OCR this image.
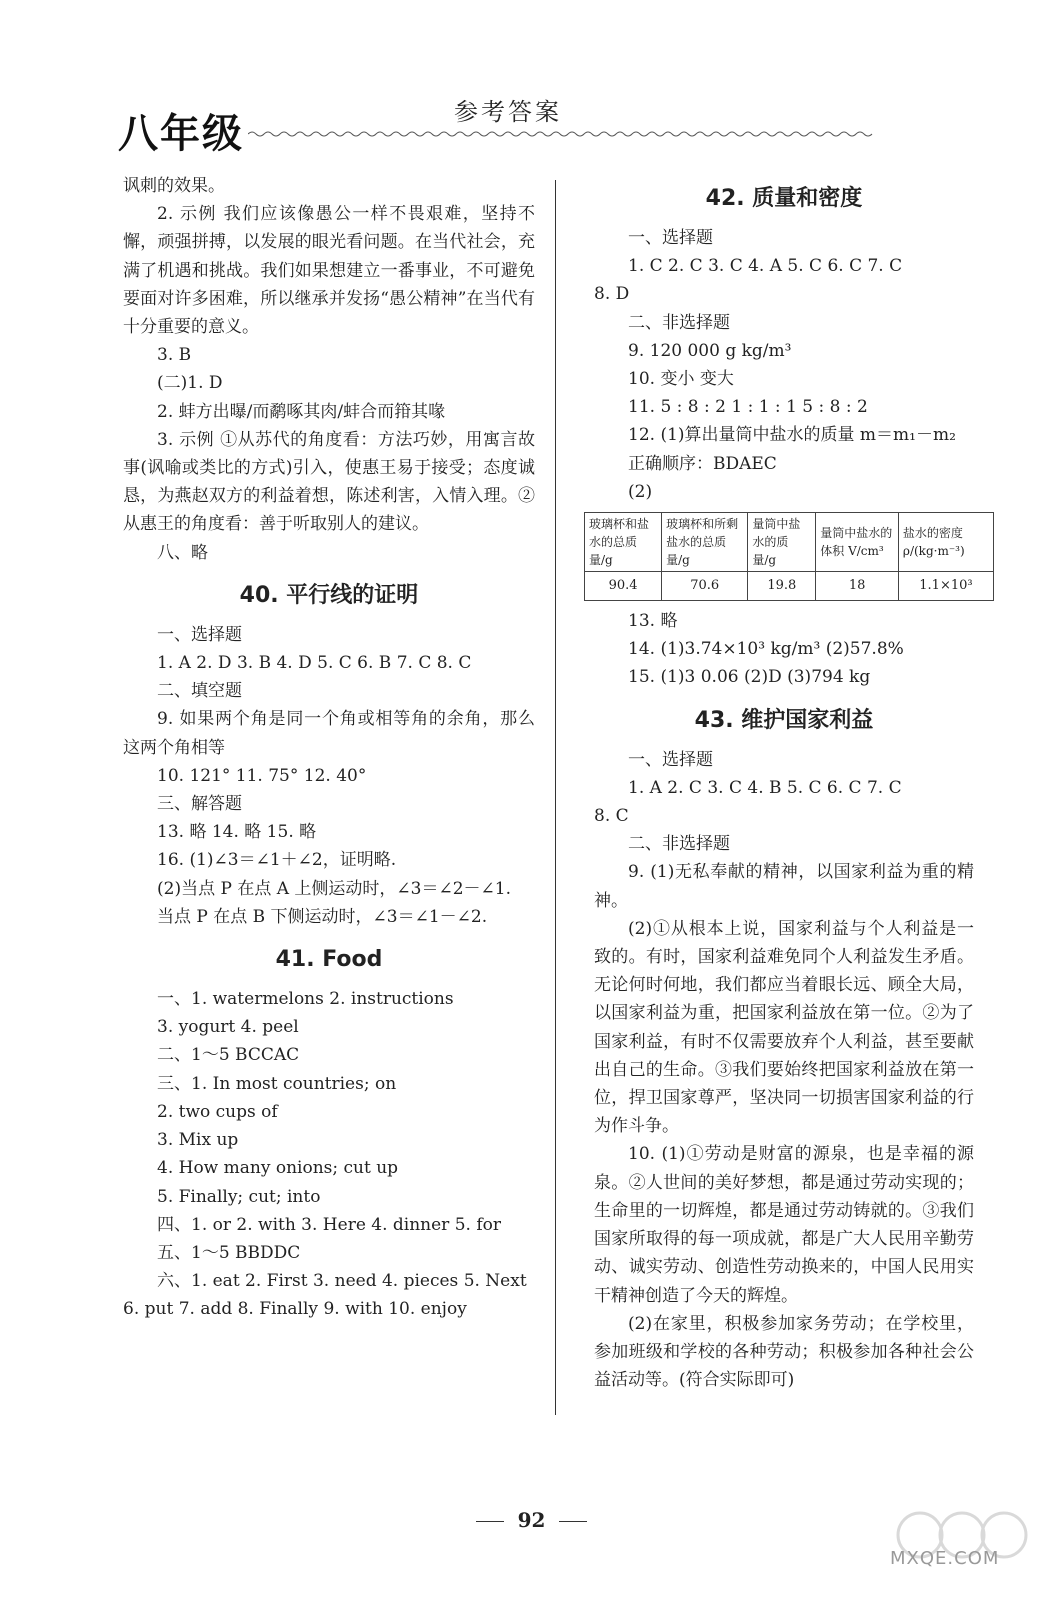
八年级	参考答案

讽刺的效果。

2. 示例 我们应该像愚公一样不畏艰难，坚持不懈，顽强拼搏，以发展的眼光看问题。在当代社会，充满了机遇和挑战。我们如果想建立一番事业，不可避免要面对许多困难，所以继承并发扬“愚公精神”在当代有十分重要的意义。

3. B

(二)1. D

2. 蚌方出曝/而鹬啄其肉/蚌合而箝其喙

3. 示例 ①从苏代的角度看：方法巧妙，用寓言故事(讽喻或类比的方式)引入，使惠王易于接受；态度诚恳，为燕赵双方的利益着想，陈述利害，入情入理。②从惠王的角度看：善于听取别人的建议。

八、略

40. 平行线的证明

一、选择题

1. A 2. D 3. B 4. D 5. C 6. B 7. C 8. C

二、填空题

9. 如果两个角是同一个角或相等角的余角，那么这两个角相等

10. 121° 11. 75° 12. 40°

三、解答题

13. 略 14. 略 15. 略

16. (1)∠3＝∠1＋∠2，证明略.

(2)当点 P 在点 A 上侧运动时，∠3＝∠2－∠1.

当点 P 在点 B 下侧运动时，∠3＝∠1－∠2.

41. Food

一、1. watermelons 2. instructions

3. yogurt 4. peel

二、1～5 BCCAC

三、1. In most countries; on

2. two cups of

3. Mix up

4. How many onions; cut up

5. Finally; cut; into

四、1. or 2. with 3. Here 4. dinner 5. for

五、1～5 BBDDC

六、1. eat 2. First 3. need 4. pieces 5. Next

6. put 7. add 8. Finally 9. with 10. enjoy

42. 质量和密度

一、选择题

1. C 2. C 3. C 4. A 5. C 6. C 7. C

8. D

二、非选择题

9. 120 000 g kg/m³

10. 变小 变大

11. 5 : 8 : 2 1 : 1 : 1 5 : 8 : 2

12. (1)算出量筒中盐水的质量 m＝m₁－m₂

正确顺序：BDAEC

(2)

玻璃杯和盐水的总质量/g	玻璃杯和所剩盐水的总质量/g	量筒中盐水的质量/g	量筒中盐水的体积 V/cm³	盐水的密度 ρ/(kg·m⁻³)
90.4	70.6	19.8	18	1.1×10³

13. 略

14. (1)3.74×10³ kg/m³ (2)57.8%

15. (1)3 0.06 (2)D (3)794 kg

43. 维护国家利益

一、选择题

1. A 2. C 3. C 4. B 5. C 6. C 7. C

8. C

二、非选择题

9. (1)无私奉献的精神，以国家利益为重的精神。

(2)①从根本上说，国家利益与个人利益是一致的。有时，国家利益难免同个人利益发生矛盾。无论何时何地，我们都应当着眼长远、顾全大局，以国家利益为重，把国家利益放在第一位。②为了国家利益，有时不仅需要放弃个人利益，甚至要献出自己的生命。③我们要始终把国家利益放在第一位，捍卫国家尊严，坚决同一切损害国家利益的行为作斗争。

10. (1)①劳动是财富的源泉，也是幸福的源泉。②人世间的美好梦想，都是通过劳动实现的；生命里的一切辉煌，都是通过劳动铸就的。③我们国家所取得的每一项成就，都是广大人民用辛勤劳动、诚实劳动、创造性劳动换来的，中国人民用实干精神创造了今天的辉煌。

(2)在家里，积极参加家务劳动；在学校里，参加班级和学校的各种劳动；积极参加各种社会公益活动等。(符合实际即可)

92
MXQE.COM
